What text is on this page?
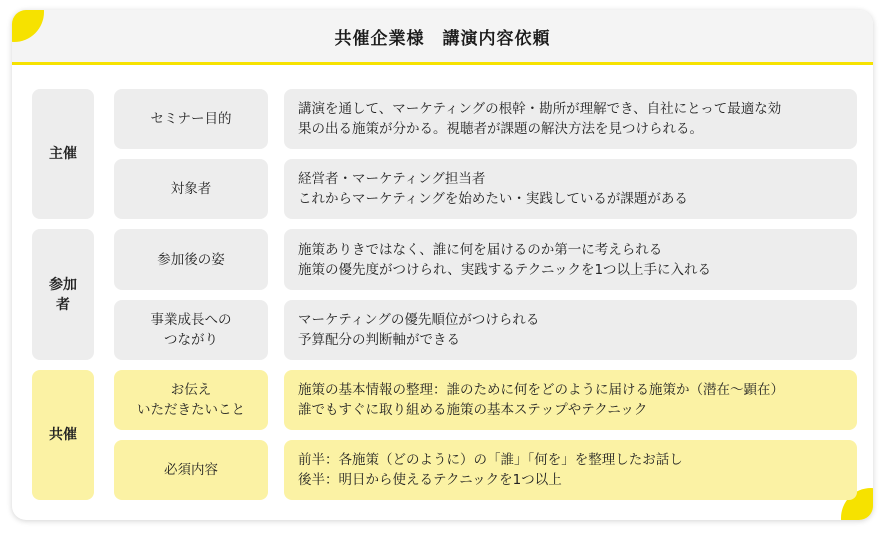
共催企業様　講演内容依頼
主催
参加
者
共催
セミナー目的
対象者
参加後の姿
事業成長への
つながり
お伝え
いただきたいこと
必須内容
講演を通して、マーケティングの根幹・勘所が理解でき、自社にとって最適な効
果の出る施策が分かる。視聴者が課題の解決方法を見つけられる。
経営者・マーケティング担当者
これからマーケティングを始めたい・実践しているが課題がある
施策ありきではなく、誰に何を届けるのか第一に考えられる
施策の優先度がつけられ、実践するテクニックを1つ以上手に入れる
マーケティングの優先順位がつけられる
予算配分の判断軸ができる
施策の基本情報の整理：誰のために何をどのように届ける施策か（潜在～顕在）
誰でもすぐに取り組める施策の基本ステップやテクニック
前半：各施策（どのように）の「誰」「何を」を整理したお話し
後半：明日から使えるテクニックを1つ以上
